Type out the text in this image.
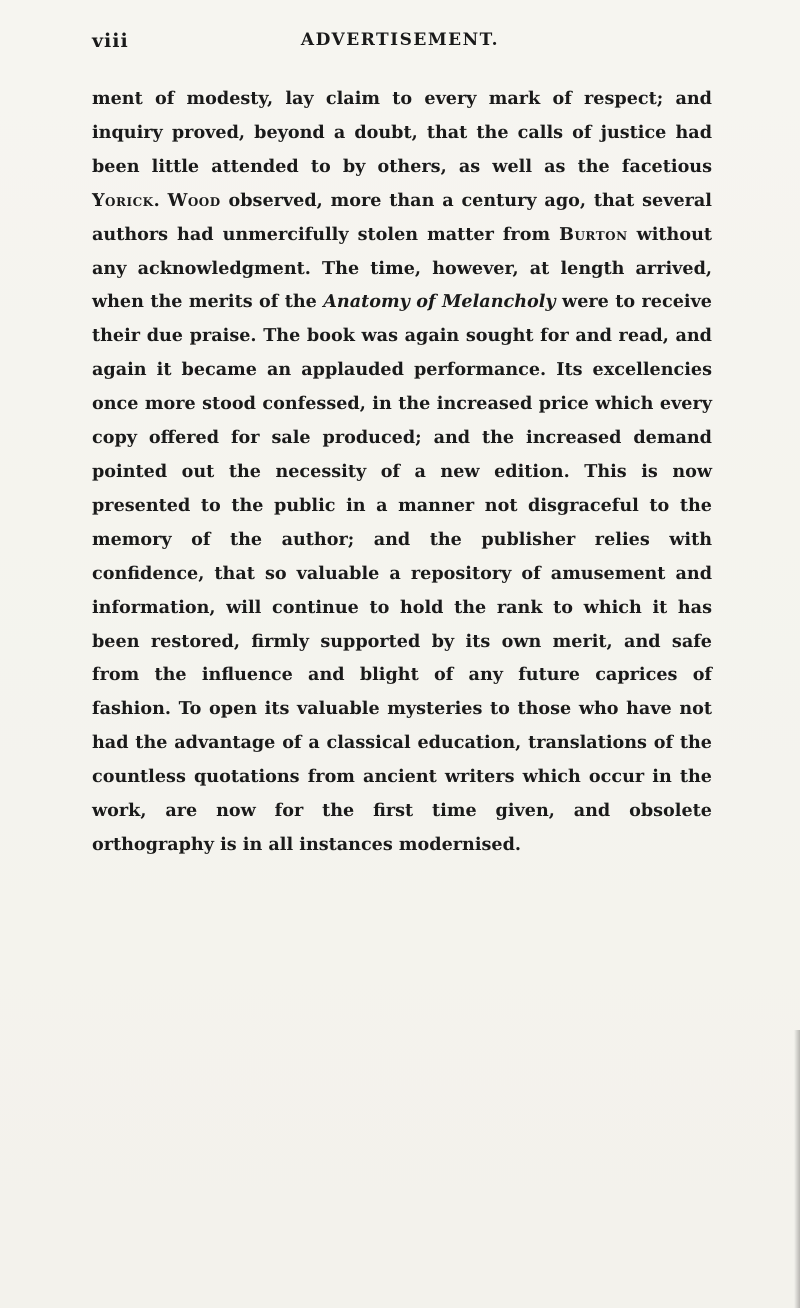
viii	ADVERTISEMENT.

ment of modesty, lay claim to every mark of respect; and inquiry proved, beyond a doubt, that the calls of justice had been little attended to by others, as well as the facetious Yorick. Wood observed, more than a century ago, that several authors had unmercifully stolen matter from Burton without any acknowledgment. The time, however, at length arrived, when the merits of the Anatomy of Melancholy were to receive their due praise. The book was again sought for and read, and again it became an applauded performance. Its excellencies once more stood confessed, in the increased price which every copy offered for sale produced; and the increased demand pointed out the necessity of a new edition. This is now presented to the public in a manner not disgraceful to the memory of the author; and the publisher relies with confidence, that so valuable a repository of amusement and information, will continue to hold the rank to which it has been restored, firmly supported by its own merit, and safe from the influence and blight of any future caprices of fashion. To open its valuable mysteries to those who have not had the advantage of a classical education, translations of the countless quotations from ancient writers which occur in the work, are now for the first time given, and obsolete orthography is in all instances modernised.
